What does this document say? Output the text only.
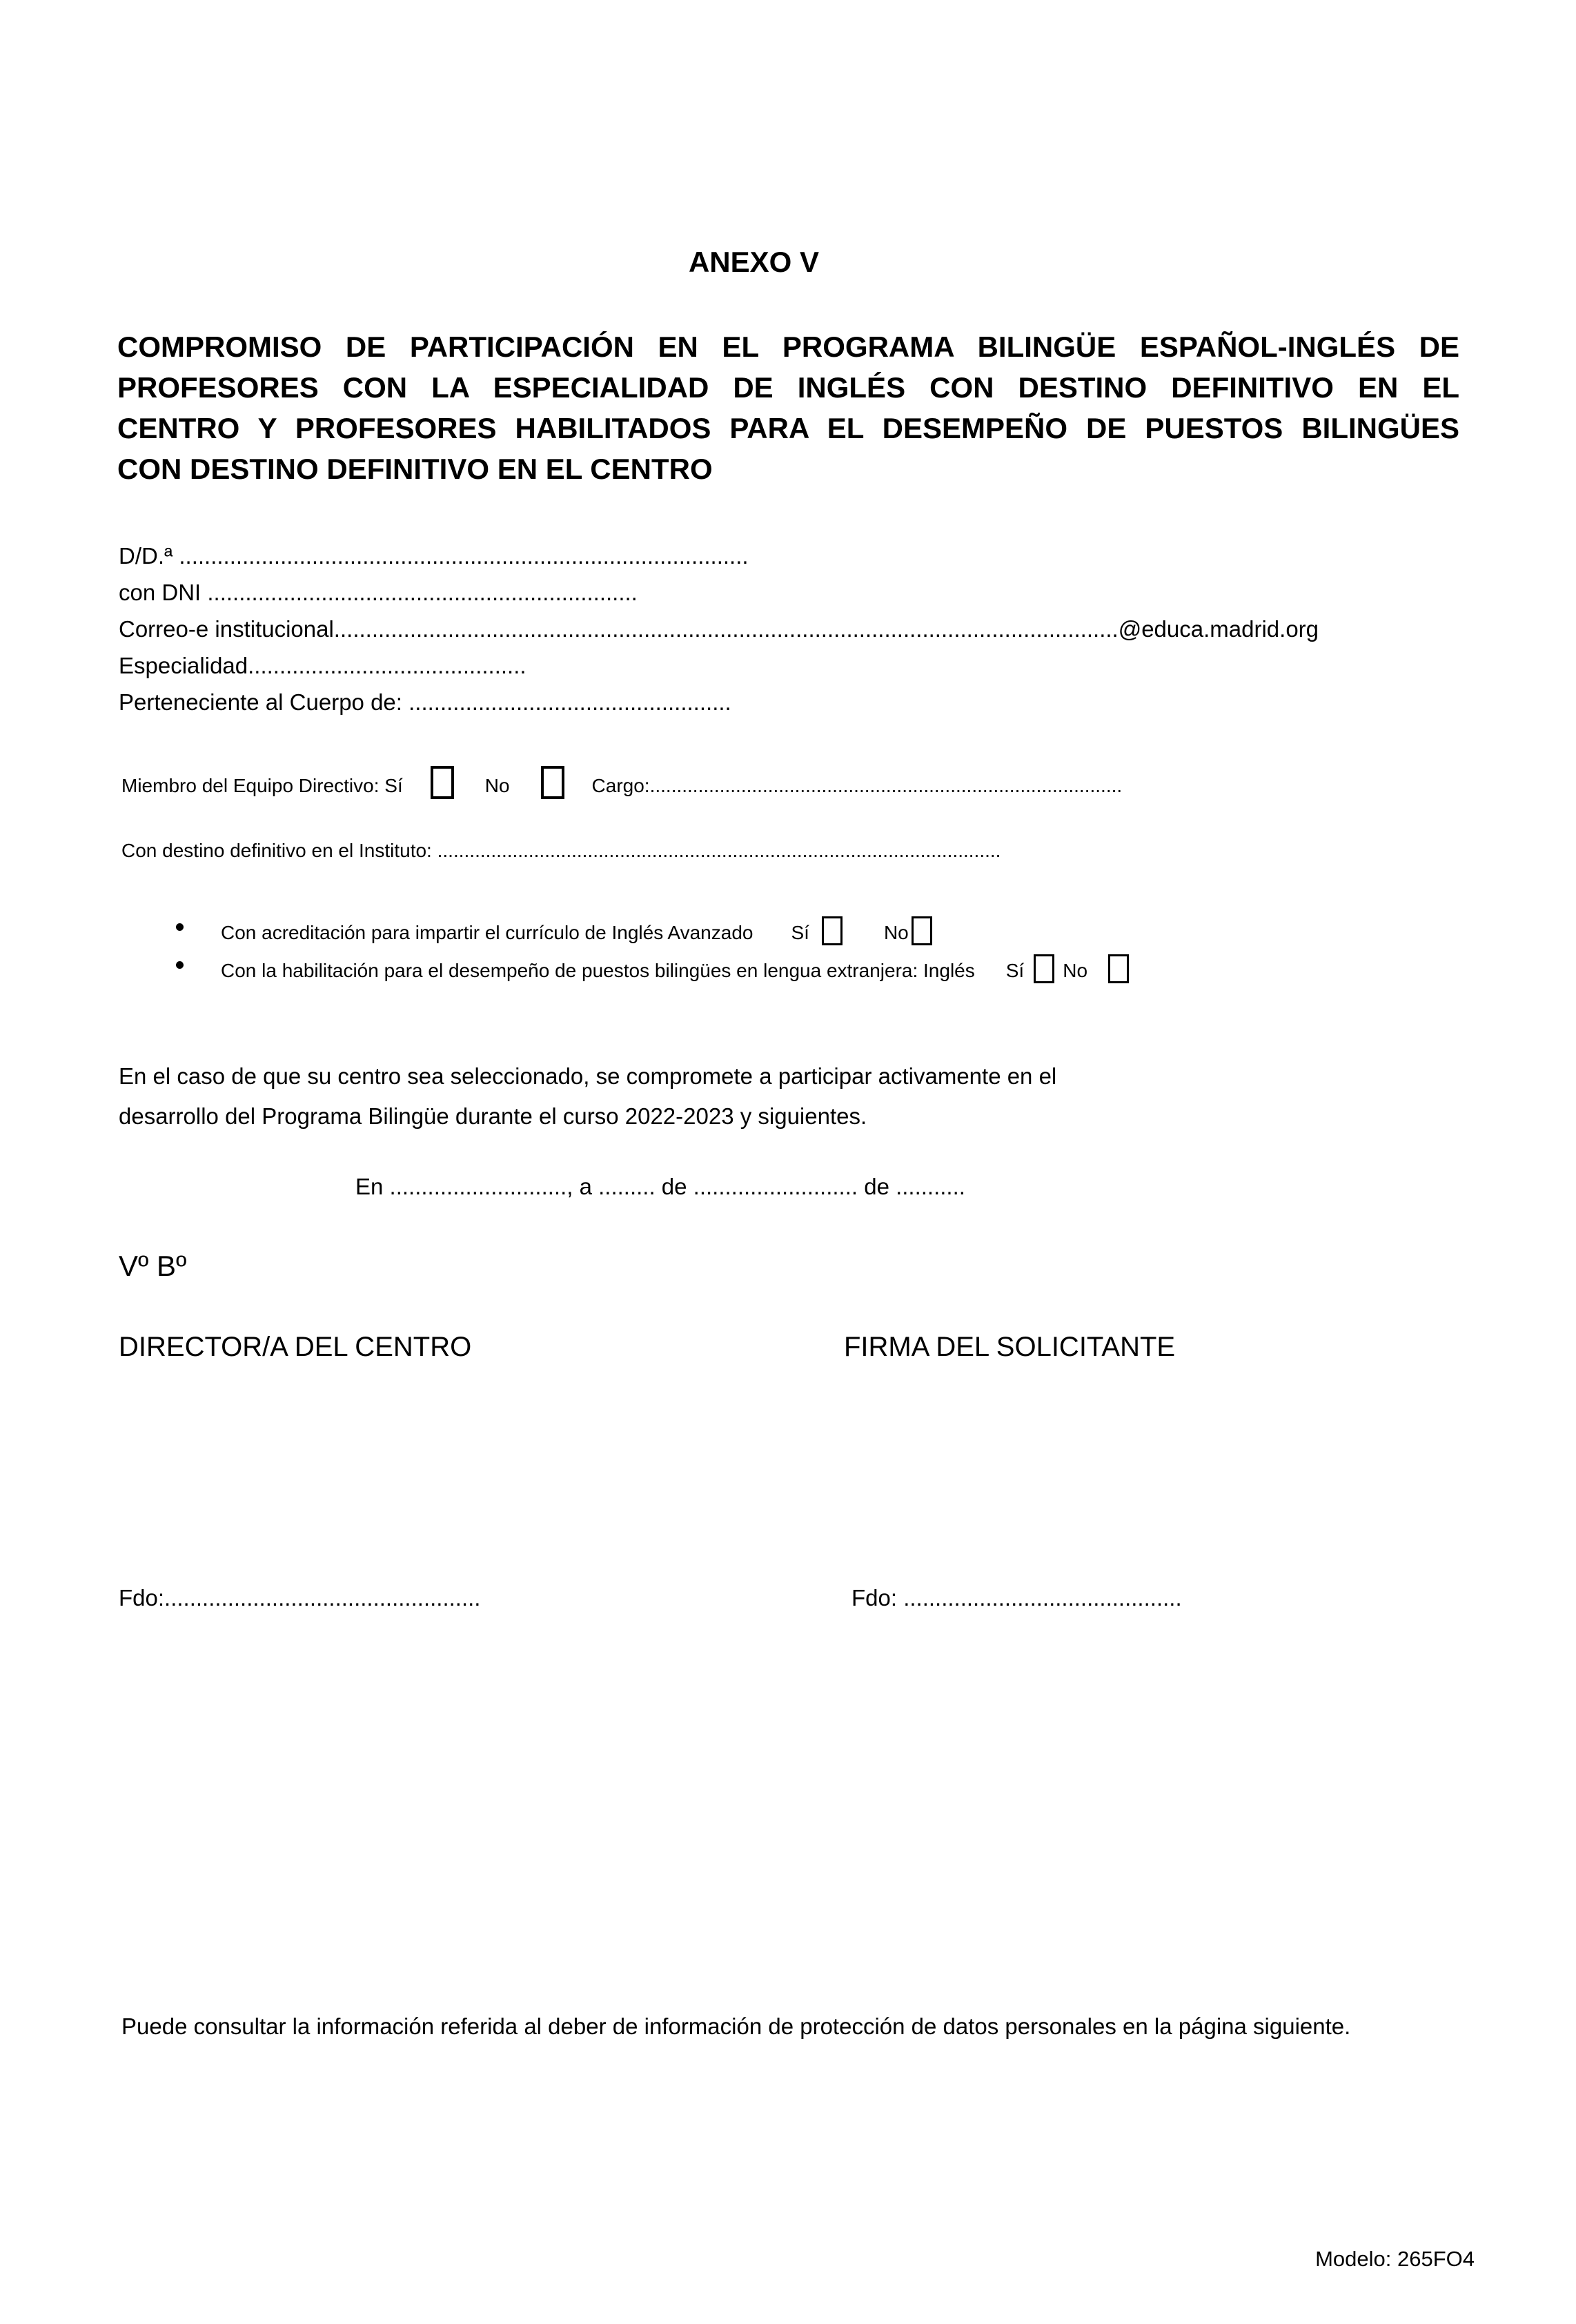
ANEXO V
COMPROMISO DE PARTICIPACIÓN EN EL PROGRAMA BILINGÜE ESPAÑOL-INGLÉS DE
PROFESORES CON LA ESPECIALIDAD DE INGLÉS CON DESTINO DEFINITIVO EN EL
CENTRO Y PROFESORES HABILITADOS PARA EL DESEMPEÑO DE PUESTOS BILINGÜES
CON DESTINO DEFINITIVO EN EL CENTRO
D/D.ª ..........................................................................................
con DNI ....................................................................
Correo-e institucional............................................................................................................................@educa.madrid.org
Especialidad............................................
Perteneciente al Cuerpo de: ...................................................
Miembro del Equipo Directivo: Sí	No	Cargo:........................................................................................
Con destino definitivo en el Instituto: .........................................................................................................
Con acreditación para impartir el currículo de Inglés Avanzado Sí	No
Con la habilitación para el desempeño de puestos bilingües en lengua extranjera: Inglés Sí No
En el caso de que su centro sea seleccionado, se compromete a participar activamente en el
desarrollo del Programa Bilingüe durante el curso 2022-2023 y siguientes.
En ............................, a ......... de .......................... de ...........
Vº Bº
DIRECTOR/A DEL CENTRO	FIRMA DEL SOLICITANTE
Fdo:..................................................	Fdo: ............................................
Puede consultar la información referida al deber de información de protección de datos personales en la página siguiente.
Modelo: 265FO4
